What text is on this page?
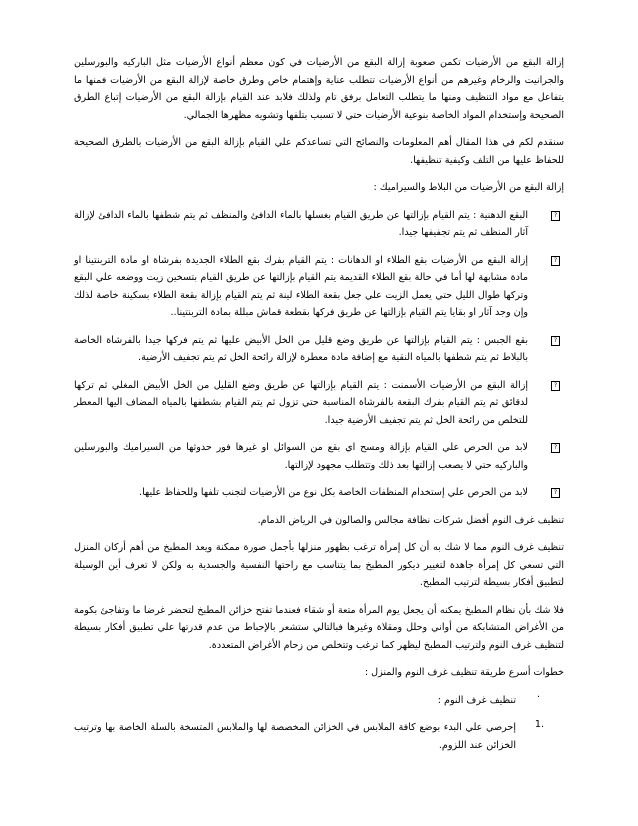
إزالة البقع من الأرضيات تكمن صعوبة إزالة البقع من الأرضيات في كون معظم أنواع الأرضيات مثل الباركيه والبورسلين والجرانيت والرخام وغيرهم من أنواع الأرضيات تتطلب عناية وإهتمام خاص وطرق خاصة لإزالة البقع من الأرضيات فمنها ما يتفاعل مع مواد التنظيف ومنها ما يتطلب التعامل برفق تام ولذلك فلابد عند القيام بإزالة البقع من الأرضيات إتباع الطرق الصحيحة وإستخدام المواد الخاصة بنوعية الأرضيات حتي لا تسبب بتلفها وتشويه مظهرها الجمالي.

سنقدم لكم في هذا المقال أهم المعلومات والنصائح التي تساعدكم علي القيام بإزالة البقع من الأرضيات بالطرق الصحيحة للحفاظ عليها من التلف وكيفية تنظيفها.

إزالة البقع من الأرضيات من البلاط والسيراميك :

?

البقع الدهنية : يتم القيام بإزالتها عن طريق القيام بغسلها بالماء الدافئ والمنظف ثم يتم شطفها بالماء الدافئ لإزالة آثار المنظف ثم يتم تجفيفها جيدا.

?

إزالة البقع من الأرضيات بقع الطلاء او الدهانات : يتم القيام بفرك بقع الطلاء الجديدة بفرشاة او مادة التربنتينا او مادة مشابهة لها أما في حالة بقع الطلاء القديمة يتم القيام بإزالتها عن طريق القيام بتسخين زيت ووضعه علي البقع وتركها طوال الليل حتي يعمل الزيت علي جعل بقعة الطلاء لينة ثم يتم القيام بإزالة بقعة الطلاء بسكينة خاصة لذلك وإن وجد آثار او بقايا يتم القيام بإزالتها عن طريق فركها بقطعة قماش مبللة بمادة التربنتينا..

?

بقع الجبس : يتم القيام بإزالتها عن طريق وضع قليل من الخل الأبيض عليها ثم يتم فركها جيدا بالفرشاة الخاصة بالبلاط ثم يتم شطفها بالمياه النقية مع إضافة مادة معطرة لإزالة رائحة الخل ثم يتم تجفيف الأرضية.

?

إزالة البقع من الأرضيات الأسمنت : يتم القيام بإزالتها عن طريق وضع القليل من الخل الأبيض المغلي ثم تركها لدقائق ثم يتم القيام بفرك البقعة بالفرشاة المناسبة حتي تزول ثم يتم القيام بشطفها بالمياه المضاف اليها المعطر للتخلص من رائحة الخل ثم يتم تجفيف الأرضية جيدا.

?

لابد من الحرص علي القيام بإزالة ومسح اي بقع من السوائل او غيرها فور حدوثها من السيراميك والبورسلين والباركيه حتي لا يصعب إزالتها بعد ذلك وتتطلب مجهود لإزالتها.

?

لابد من الحرص علي إستخدام المنظفات الخاصة بكل نوع من الأرضيات لتجنب تلفها وللحفاظ عليها.

تنظيف غرف النوم أفضل شركات نظافة مجالس والصالون في الرياض الدمام.

تنظيف غرف النوم مما لا شك به أن كل إمرأة ترغب بظهور منزلها بأجمل صورة ممكنة ويعد المطبخ من أهم أركان المنزل التي تسعي كل إمرأة جاهدة لتغيير ديكور المطبخ بما يتناسب مع راحتها النفسية والجسدية به ولكن لا تعرف أين الوسيلة لتطبيق أفكار بسيطة لترتيب المطبخ.

فلا شك بأن نظام المطبخ يمكنه أن يجعل يوم المرأة متعة أو شقاء فعندما تفتح خزائن المطبخ لتحضر غرضا ما وتفاجئ بكومة من الأغراض المتشابكة من أواني وحلل ومقلاة وغيرها فبالتالي ستشعر بالإحباط من عدم قدرتها علي تطبيق أفكار بسيطة لتنظيف غرف النوم ولترتيب المطبخ ليظهر كما ترغب وتتخلص من زحام الأغراض المتعددة.

خطوات أسرع طريقة تنظيف غرف النوم والمنزل :

·

تنظيف غرف النوم :

1.

إحرصي علي البدء بوضع كافة الملابس في الخزائن المخصصة لها والملابس المتسخة بالسلة الخاصة بها وترتيب الخزائن عند اللزوم.
